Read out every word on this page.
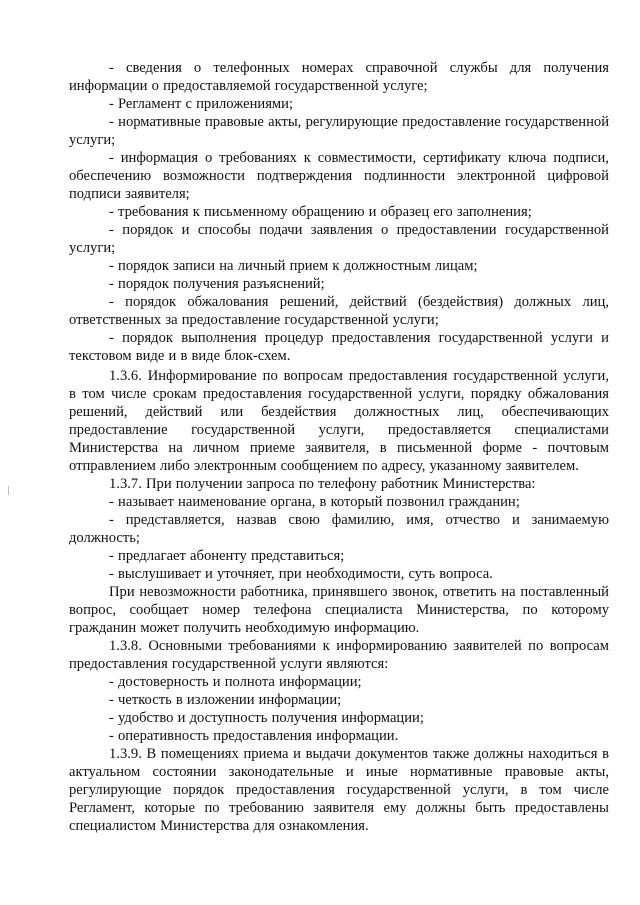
- сведения о телефонных номерах справочной службы для получения информации о предоставляемой государственной услуге;

- Регламент с приложениями;

- нормативные правовые акты, регулирующие предоставление государственной услуги;

- информация о требованиях к совместимости, сертификату ключа подписи, обеспечению возможности подтверждения подлинности электронной цифровой подписи заявителя;

- требования к письменному обращению и образец его заполнения;

- порядок и способы подачи заявления о предоставлении государственной услуги;

- порядок записи на личный прием к должностным лицам;

- порядок получения разъяснений;

- порядок обжалования решений, действий (бездействия) должных лиц, ответственных за предоставление государственной услуги;

- порядок выполнения процедур предоставления государственной услуги и текстовом виде и в виде блок-схем.

1.3.6. Информирование по вопросам предоставления государственной услуги, в том числе срокам предоставления государственной услуги, порядку обжалования решений, действий или бездействия должностных лиц, обеспечивающих предоставление государственной услуги, предоставляется специалистами Министерства на личном приеме заявителя, в письменной форме - почтовым отправлением либо электронным сообщением по адресу, указанному заявителем.

1.3.7. При получении запроса по телефону работник Министерства:

- называет наименование органа, в который позвонил гражданин;

- представляется, назвав свою фамилию, имя, отчество и занимаемую должность;

- предлагает абоненту представиться;

- выслушивает и уточняет, при необходимости, суть вопроса.

При невозможности работника, принявшего звонок, ответить на поставленный вопрос, сообщает номер телефона специалиста Министерства, по которому гражданин может получить необходимую информацию.

1.3.8. Основными требованиями к информированию заявителей по вопросам предоставления государственной услуги являются:

- достоверность и полнота информации;

- четкость в изложении информации;

- удобство и доступность получения информации;

- оперативность предоставления информации.

1.3.9. В помещениях приема и выдачи документов также должны находиться в актуальном состоянии законодательные и иные нормативные правовые акты, регулирующие порядок предоставления государственной услуги, в том числе Регламент, которые по требованию заявителя ему должны быть предоставлены специалистом Министерства для ознакомления.
